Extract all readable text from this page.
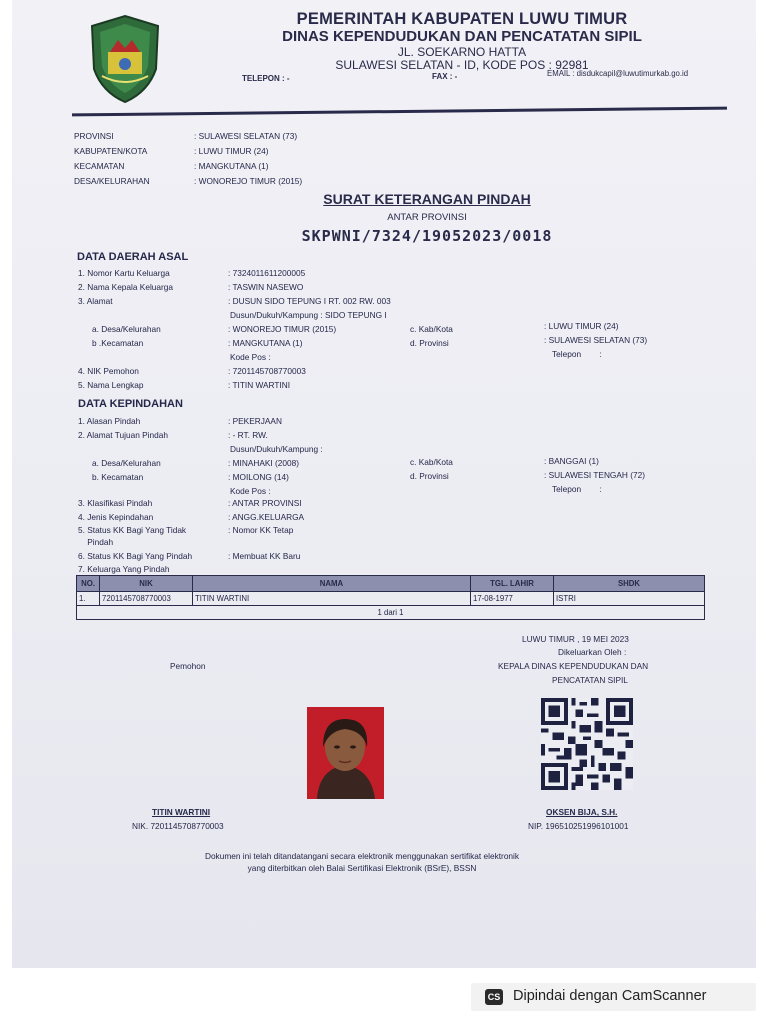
PEMERINTAH KABUPATEN LUWU TIMUR
DINAS KEPENDUDUKAN DAN PENCATATAN SIPIL
JL. SOEKARNO HATTA
SULAWESI SELATAN - ID, KODE POS : 92981
TELEPON : -	FAX : -	EMAIL : disdukcapil@luwutimurkab.go.id
PROVINSI	: SULAWESI SELATAN (73)
KABUPATEN/KOTA	: LUWU TIMUR (24)
KECAMATAN	: MANGKUTANA (1)
DESA/KELURAHAN	: WONOREJO TIMUR (2015)
SURAT KETERANGAN PINDAH
ANTAR PROVINSI
SKPWNI/7324/19052023/0018
DATA DAERAH ASAL
1. Nomor Kartu Keluarga	: 7324011611200005
2. Nama Kepala Keluarga	: TASWIN NASEWO
3. Alamat	: DUSUN SIDO TEPUNG I RT. 002 RW. 003
Dusun/Dukuh/Kampung : SIDO TEPUNG I
a. Desa/Kelurahan	: WONOREJO TIMUR (2015)	c. Kab/Kota	: LUWU TIMUR (24)
b .Kecamatan	: MANGKUTANA (1)	d. Provinsi	: SULAWESI SELATAN (73)
Kode Pos :	Telepon        :
4. NIK Pemohon	: 7201145708770003
5. Nama Lengkap	: TITIN WARTINI
DATA KEPINDAHAN
1. Alasan Pindah	: PEKERJAAN
2. Alamat Tujuan Pindah	: - RT. RW.
Dusun/Dukuh/Kampung :
a. Desa/Kelurahan	: MINAHAKI (2008)	c. Kab/Kota	: BANGGAI (1)
b. Kecamatan	: MOILONG (14)	d. Provinsi	: SULAWESI TENGAH (72)
Kode Pos :	Telepon        :
3. Klasifikasi Pindah	: ANTAR PROVINSI
4. Jenis Kepindahan	: ANGG.KELUARGA
5. Status KK Bagi Yang Tidak
Pindah
: Nomor KK Tetap
6. Status KK Bagi Yang Pindah	: Membuat KK Baru
7. Keluarga Yang Pindah
NO.	NIK	NAMA	TGL. LAHIR	SHDK
1.	7201145708770003	TITIN WARTINI	17-08-1977	ISTRI
1 dari 1				
LUWU TIMUR , 19 MEI 2023
Dikeluarkan Oleh :
KEPALA DINAS KEPENDUDUKAN DAN
PENCATATAN SIPIL
Pemohon
TITIN WARTINI
NIK. 7201145708770003
OKSEN BIJA, S.H.
NIP. 196510251996101001
Dokumen ini telah ditandatangani secara elektronik menggunakan sertifikat elektronik
yang diterbitkan oleh Balai Sertifikasi Elektronik (BSrE), BSSN
CS Dipindai dengan CamScanner
